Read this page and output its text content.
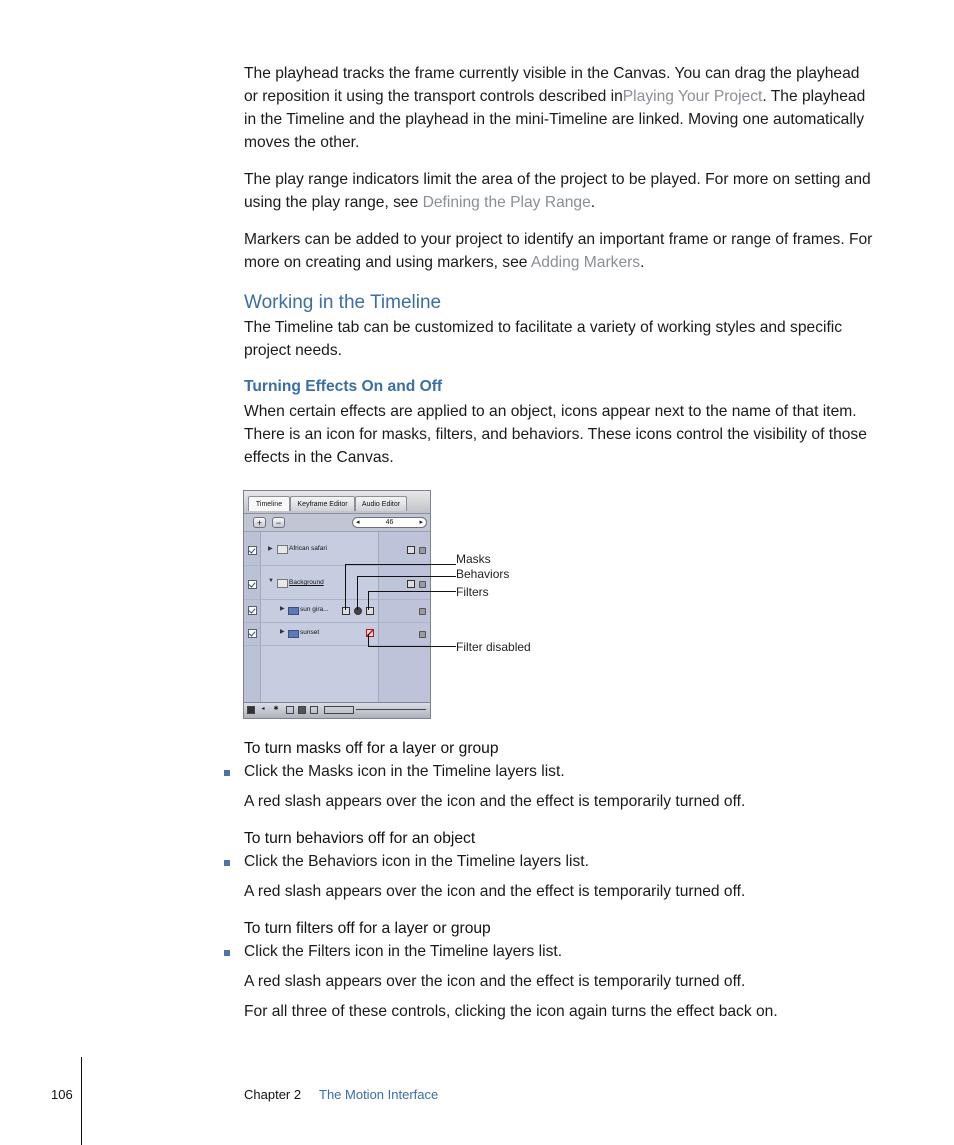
The playhead tracks the frame currently visible in the Canvas. You can drag the playhead or reposition it using the transport controls described inPlaying Your Project. The playhead in the Timeline and the playhead in the mini-Timeline are linked. Moving one automatically moves the other.

The play range indicators limit the area of the project to be played. For more on setting and using the play range, see Defining the Play Range.

Markers can be added to your project to identify an important frame or range of frames. For more on creating and using markers, see Adding Markers.

Working in the Timeline

The Timeline tab can be customized to facilitate a variety of working styles and specific project needs.

Turning Effects On and Off

When certain effects are applied to an object, icons appear next to the name of that item. There is an icon for masks, filters, and behaviors. These icons control the visibility of those effects in the Canvas.

Timeline	Keyframe Editor	Audio Editor
+	−	◂	46	▸
▶	African safari
▼ Background
▶ sun gira...
▶ sunset
◂	✱
Masks
Behaviors
Filters
Filter disabled
To turn masks off for a layer or group

Click the Masks icon in the Timeline layers list.

A red slash appears over the icon and the effect is temporarily turned off.

To turn behaviors off for an object

Click the Behaviors icon in the Timeline layers list.

A red slash appears over the icon and the effect is temporarily turned off.

To turn filters off for a layer or group

Click the Filters icon in the Timeline layers list.

A red slash appears over the icon and the effect is temporarily turned off.

For all three of these controls, clicking the icon again turns the effect back on.

106	Chapter 2 The Motion Interface
